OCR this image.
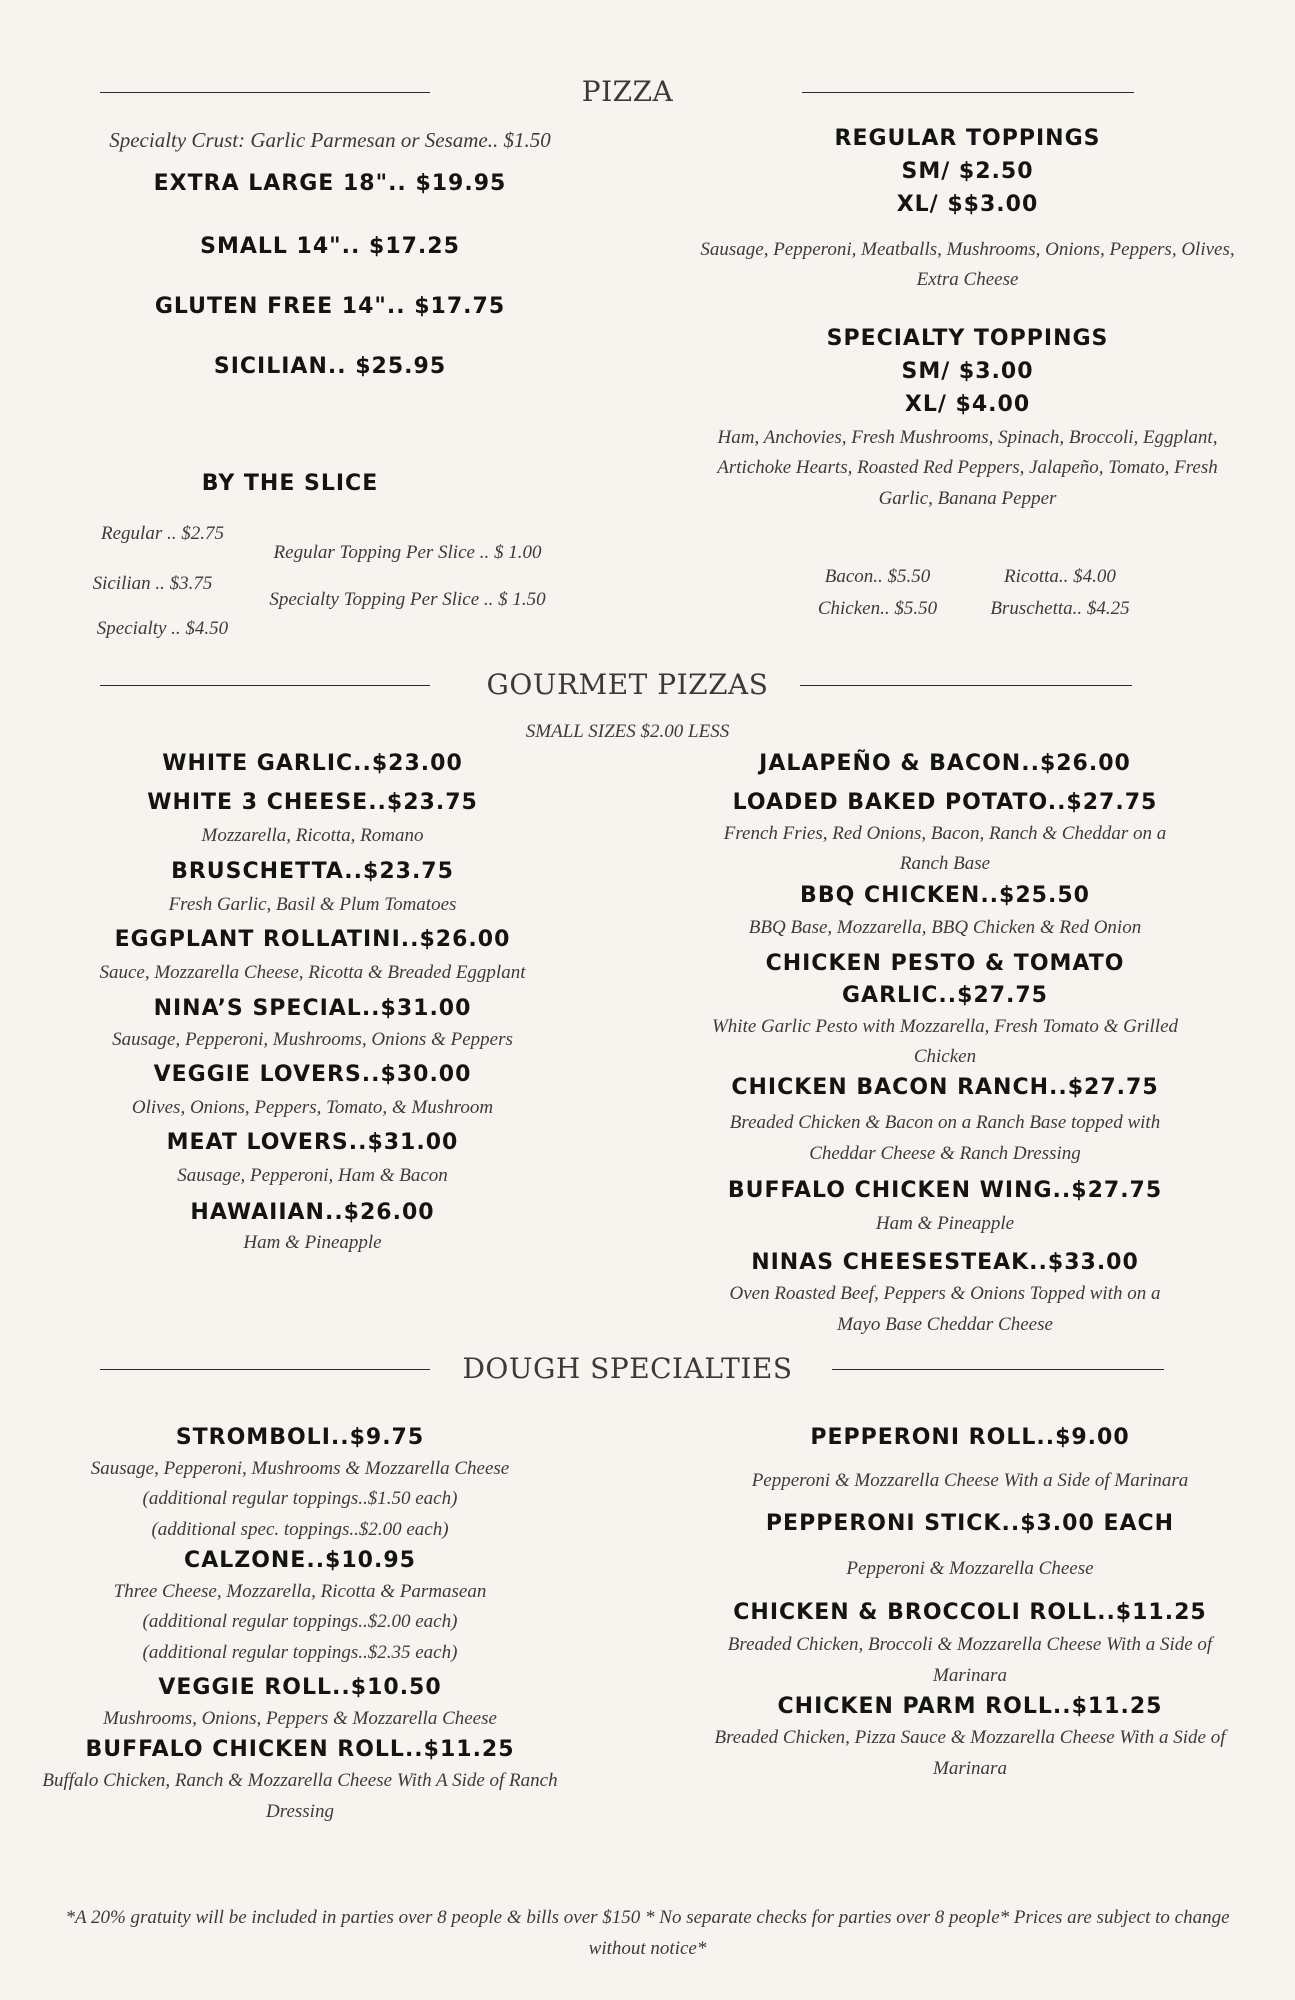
PIZZA

Specialty Crust: Garlic Parmesan or Sesame.. $1.50

EXTRA LARGE 18".. $19.95

SMALL 14".. $17.25

GLUTEN FREE 14".. $17.75

SICILIAN.. $25.95

BY THE SLICE

Regular .. $2.75

Sicilian .. $3.75

Specialty .. $4.50

Regular Topping Per Slice .. $ 1.00

Specialty Topping Per Slice .. $ 1.50

REGULAR TOPPINGS

SM/ $2.50

XL/ $$3.00

Sausage, Pepperoni, Meatballs, Mushrooms, Onions, Peppers, Olives, Extra Cheese

SPECIALTY TOPPINGS

SM/ $3.00

XL/ $4.00

Ham, Anchovies, Fresh Mushrooms, Spinach, Broccoli, Eggplant, Artichoke Hearts, Roasted Red Peppers, Jalapeño, Tomato, Fresh Garlic, Banana Pepper

Bacon.. $5.50

Chicken.. $5.50

Ricotta.. $4.00

Bruschetta.. $4.25

GOURMET PIZZAS

SMALL SIZES $2.00 LESS

WHITE GARLIC..$23.00

WHITE 3 CHEESE..$23.75

Mozzarella, Ricotta, Romano

BRUSCHETTA..$23.75

Fresh Garlic, Basil & Plum Tomatoes

EGGPLANT ROLLATINI..$26.00

Sauce, Mozzarella Cheese, Ricotta & Breaded Eggplant

NINA’S SPECIAL..$31.00

Sausage, Pepperoni, Mushrooms, Onions & Peppers

VEGGIE LOVERS..$30.00

Olives, Onions, Peppers, Tomato, & Mushroom

MEAT LOVERS..$31.00

Sausage, Pepperoni, Ham & Bacon

HAWAIIAN..$26.00

Ham & Pineapple

JALAPEÑO & BACON..$26.00

LOADED BAKED POTATO..$27.75

French Fries, Red Onions, Bacon, Ranch & Cheddar on a Ranch Base

BBQ CHICKEN..$25.50

BBQ Base, Mozzarella, BBQ Chicken & Red Onion

CHICKEN PESTO & TOMATO GARLIC..$27.75

White Garlic Pesto with Mozzarella, Fresh Tomato & Grilled Chicken

CHICKEN BACON RANCH..$27.75

Breaded Chicken & Bacon on a Ranch Base topped with Cheddar Cheese & Ranch Dressing

BUFFALO CHICKEN WING..$27.75

Ham & Pineapple

NINAS CHEESESTEAK..$33.00

Oven Roasted Beef, Peppers & Onions Topped with on a Mayo Base Cheddar Cheese

DOUGH SPECIALTIES

STROMBOLI..$9.75

Sausage, Pepperoni, Mushrooms & Mozzarella Cheese

(additional regular toppings..$1.50 each)

(additional spec. toppings..$2.00 each)

CALZONE..$10.95

Three Cheese, Mozzarella, Ricotta & Parmasean

(additional regular toppings..$2.00 each)

(additional regular toppings..$2.35 each)

VEGGIE ROLL..$10.50

Mushrooms, Onions, Peppers & Mozzarella Cheese

BUFFALO CHICKEN ROLL..$11.25

Buffalo Chicken, Ranch & Mozzarella Cheese With A Side of Ranch Dressing

PEPPERONI ROLL..$9.00

Pepperoni & Mozzarella Cheese With a Side of Marinara

PEPPERONI STICK..$3.00 EACH

Pepperoni & Mozzarella Cheese

CHICKEN & BROCCOLI ROLL..$11.25

Breaded Chicken, Broccoli & Mozzarella Cheese With a Side of Marinara

CHICKEN PARM ROLL..$11.25

Breaded Chicken, Pizza Sauce & Mozzarella Cheese With a Side of Marinara

*A 20% gratuity will be included in parties over 8 people & bills over $150 * No separate checks for parties over 8 people* Prices are subject to change without notice*
